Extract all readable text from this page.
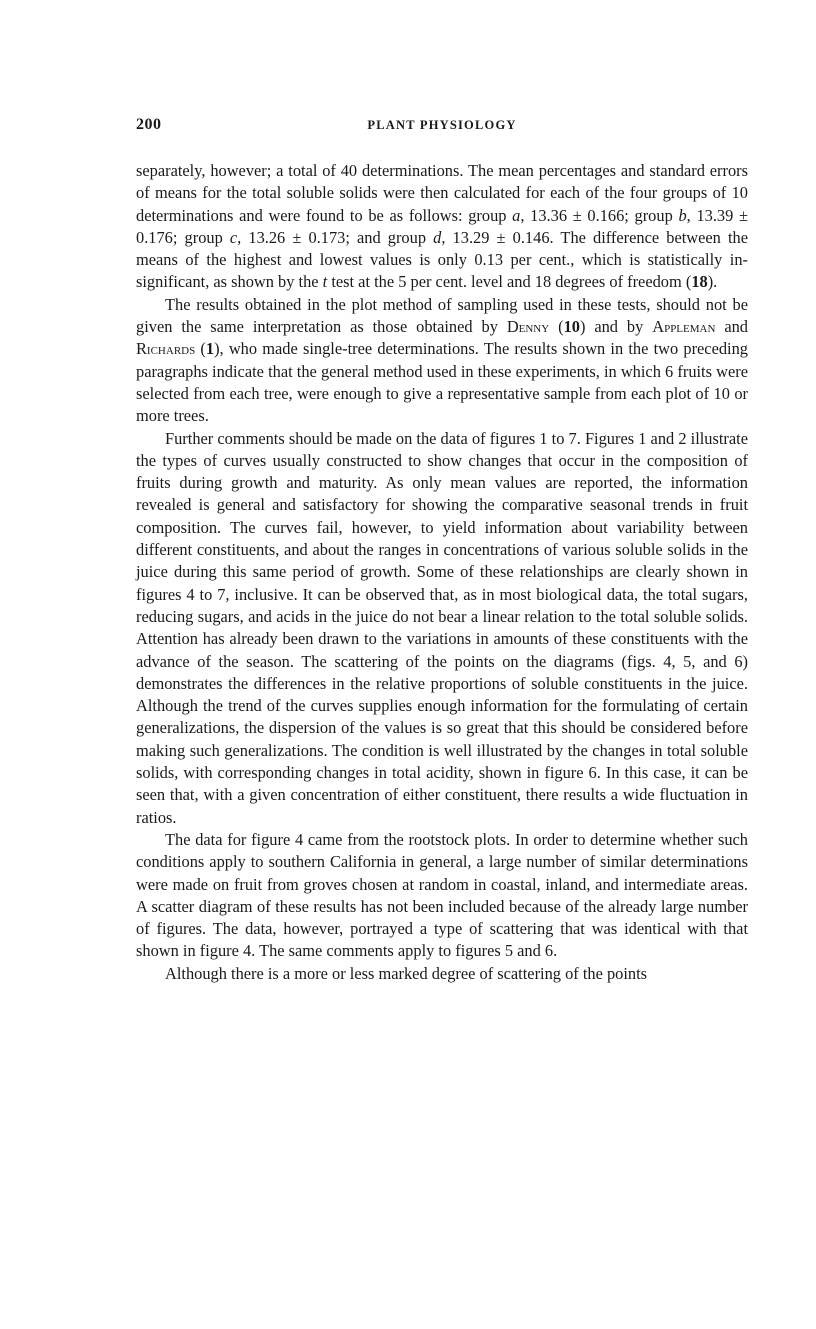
200	PLANT PHYSIOLOGY

separately, however; a total of 40 determinations. The mean percentages and standard errors of means for the total soluble solids were then calculated for each of the four groups of 10 determinations and were found to be as follows: group a, 13.36 ± 0.166; group b, 13.39 ± 0.176; group c, 13.26 ± 0.173; and group d, 13.29 ± 0.146. The difference between the means of the highest and lowest values is only 0.13 per cent., which is statistically insignificant, as shown by the t test at the 5 per cent. level and 18 degrees of freedom (18).

The results obtained in the plot method of sampling used in these tests, should not be given the same interpretation as those obtained by Denny (10) and by Appleman and Richards (1), who made single-tree determinations. The results shown in the two preceding paragraphs indicate that the general method used in these experiments, in which 6 fruits were selected from each tree, were enough to give a representative sample from each plot of 10 or more trees.

Further comments should be made on the data of figures 1 to 7. Figures 1 and 2 illustrate the types of curves usually constructed to show changes that occur in the composition of fruits during growth and maturity. As only mean values are reported, the information revealed is general and satisfactory for showing the comparative seasonal trends in fruit composition. The curves fail, however, to yield information about variability between different constituents, and about the ranges in concentrations of various soluble solids in the juice during this same period of growth. Some of these relationships are clearly shown in figures 4 to 7, inclusive. It can be observed that, as in most biological data, the total sugars, reducing sugars, and acids in the juice do not bear a linear relation to the total soluble solids. Attention has already been drawn to the variations in amounts of these constituents with the advance of the season. The scattering of the points on the diagrams (figs. 4, 5, and 6) demonstrates the differences in the relative proportions of soluble constituents in the juice. Although the trend of the curves supplies enough information for the formulating of certain generalizations, the dispersion of the values is so great that this should be considered before making such generalizations. The condition is well illustrated by the changes in total soluble solids, with corresponding changes in total acidity, shown in figure 6. In this case, it can be seen that, with a given concentration of either constituent, there results a wide fluctuation in ratios.

The data for figure 4 came from the rootstock plots. In order to determine whether such conditions apply to southern California in general, a large number of similar determinations were made on fruit from groves chosen at random in coastal, inland, and intermediate areas. A scatter diagram of these results has not been included because of the already large number of figures. The data, however, portrayed a type of scattering that was identical with that shown in figure 4. The same comments apply to figures 5 and 6.

Although there is a more or less marked degree of scattering of the points
